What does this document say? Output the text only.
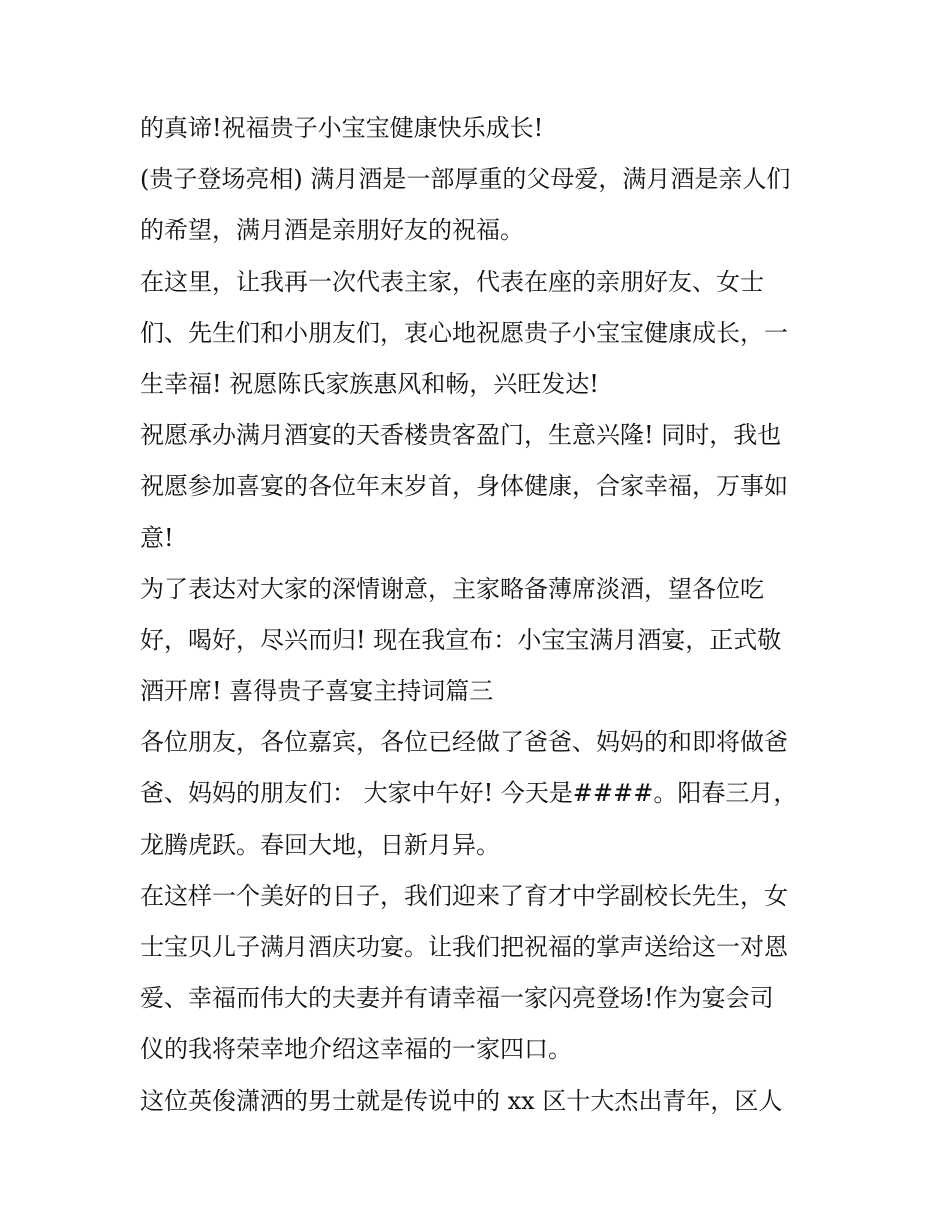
的真谛!祝福贵子小宝宝健康快乐成长!
(贵子登场亮相) 满月酒是一部厚重的父母爱，满月酒是亲人们
的希望，满月酒是亲朋好友的祝福。
在这里，让我再一次代表主家，代表在座的亲朋好友、女士
们、先生们和小朋友们，衷心地祝愿贵子小宝宝健康成长，一
生幸福! 祝愿陈氏家族惠风和畅，兴旺发达!
祝愿承办满月酒宴的天香楼贵客盈门，生意兴隆! 同时，我也
祝愿参加喜宴的各位年末岁首，身体健康，合家幸福，万事如
意!
为了表达对大家的深情谢意，主家略备薄席淡酒，望各位吃
好，喝好，尽兴而归! 现在我宣布：小宝宝满月酒宴，正式敬
酒开席! 喜得贵子喜宴主持词篇三
各位朋友，各位嘉宾，各位已经做了爸爸、妈妈的和即将做爸
爸、妈妈的朋友们： 大家中午好! 今天是####。阳春三月，
龙腾虎跃。春回大地，日新月异。
在这样一个美好的日子，我们迎来了育才中学副校长先生，女
士宝贝儿子满月酒庆功宴。让我们把祝福的掌声送给这一对恩
爱、幸福而伟大的夫妻并有请幸福一家闪亮登场!作为宴会司
仪的我将荣幸地介绍这幸福的一家四口。
这位英俊潇洒的男士就是传说中的 xx 区十大杰出青年，区人
